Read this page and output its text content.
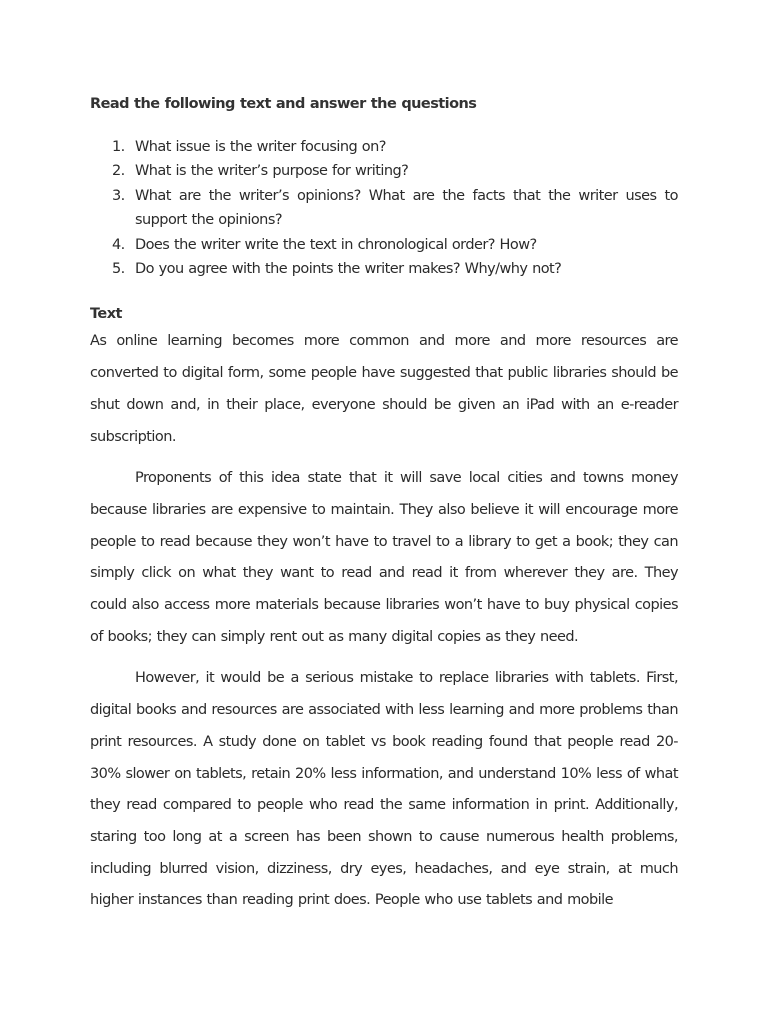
Read the following text and answer the questions
1. What issue is the writer focusing on?
2. What is the writer’s purpose for writing?
3. What are the writer’s opinions? What are the facts that the writer uses to support the opinions?
4. Does the writer write the text in chronological order? How?
5. Do you agree with the points the writer makes? Why/why not?
Text

As online learning becomes more common and more and more resources are converted to digital form, some people have suggested that public libraries should be shut down and, in their place, everyone should be given an iPad with an e-reader subscription.

Proponents of this idea state that it will save local cities and towns money because libraries are expensive to maintain. They also believe it will encourage more people to read because they won’t have to travel to a library to get a book; they can simply click on what they want to read and read it from wherever they are. They could also access more materials because libraries won’t have to buy physical copies of books; they can simply rent out as many digital copies as they need.

However, it would be a serious mistake to replace libraries with tablets. First, digital books and resources are associated with less learning and more problems than print resources. A study done on tablet vs book reading found that people read 20-30% slower on tablets, retain 20% less information, and understand 10% less of what they read compared to people who read the same information in print. Additionally, staring too long at a screen has been shown to cause numerous health problems, including blurred vision, dizziness, dry eyes, headaches, and eye strain, at much higher instances than reading print does. People who use tablets and mobile
